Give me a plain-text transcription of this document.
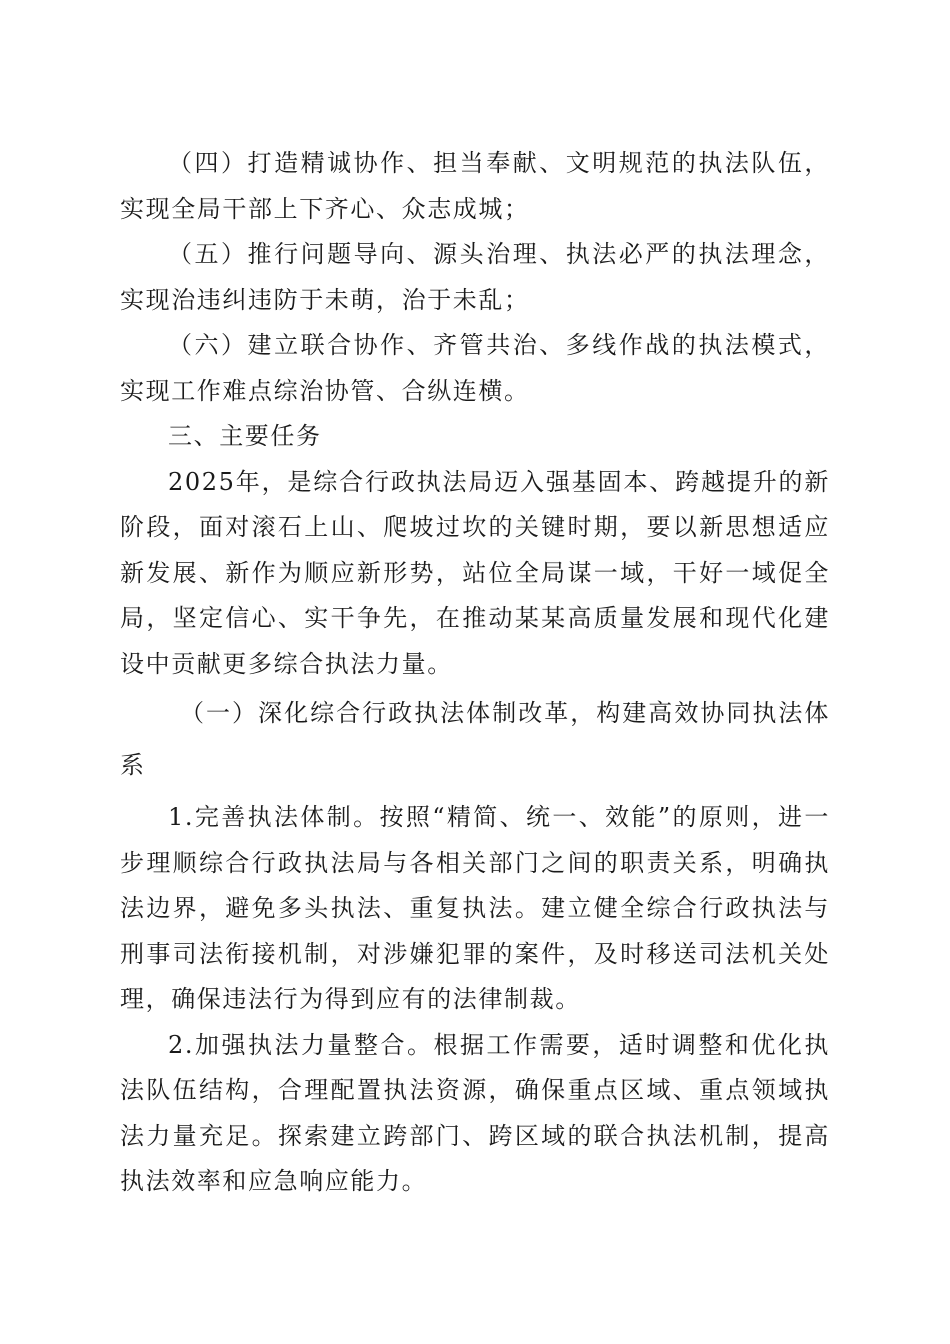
（四）打造精诚协作、担当奉献、文明规范的执法队伍，实现全局干部上下齐心、众志成城；

（五）推行问题导向、源头治理、执法必严的执法理念，实现治违纠违防于未萌，治于未乱；

（六）建立联合协作、齐管共治、多线作战的执法模式，实现工作难点综治协管、合纵连横。

三、主要任务

2025年，是综合行政执法局迈入强基固本、跨越提升的新阶段，面对滚石上山、爬坡过坎的关键时期，要以新思想适应新发展、新作为顺应新形势，站位全局谋一域，干好一域促全局，坚定信心、实干争先，在推动某某高质量发展和现代化建设中贡献更多综合执法力量。

（一）深化综合行政执法体制改革，构建高效协同执法体系

1.完善执法体制。按照“精简、统一、效能”的原则，进一步理顺综合行政执法局与各相关部门之间的职责关系，明确执法边界，避免多头执法、重复执法。建立健全综合行政执法与刑事司法衔接机制，对涉嫌犯罪的案件，及时移送司法机关处理，确保违法行为得到应有的法律制裁。

2.加强执法力量整合。根据工作需要，适时调整和优化执法队伍结构，合理配置执法资源，确保重点区域、重点领域执法力量充足。探索建立跨部门、跨区域的联合执法机制，提高执法效率和应急响应能力。
